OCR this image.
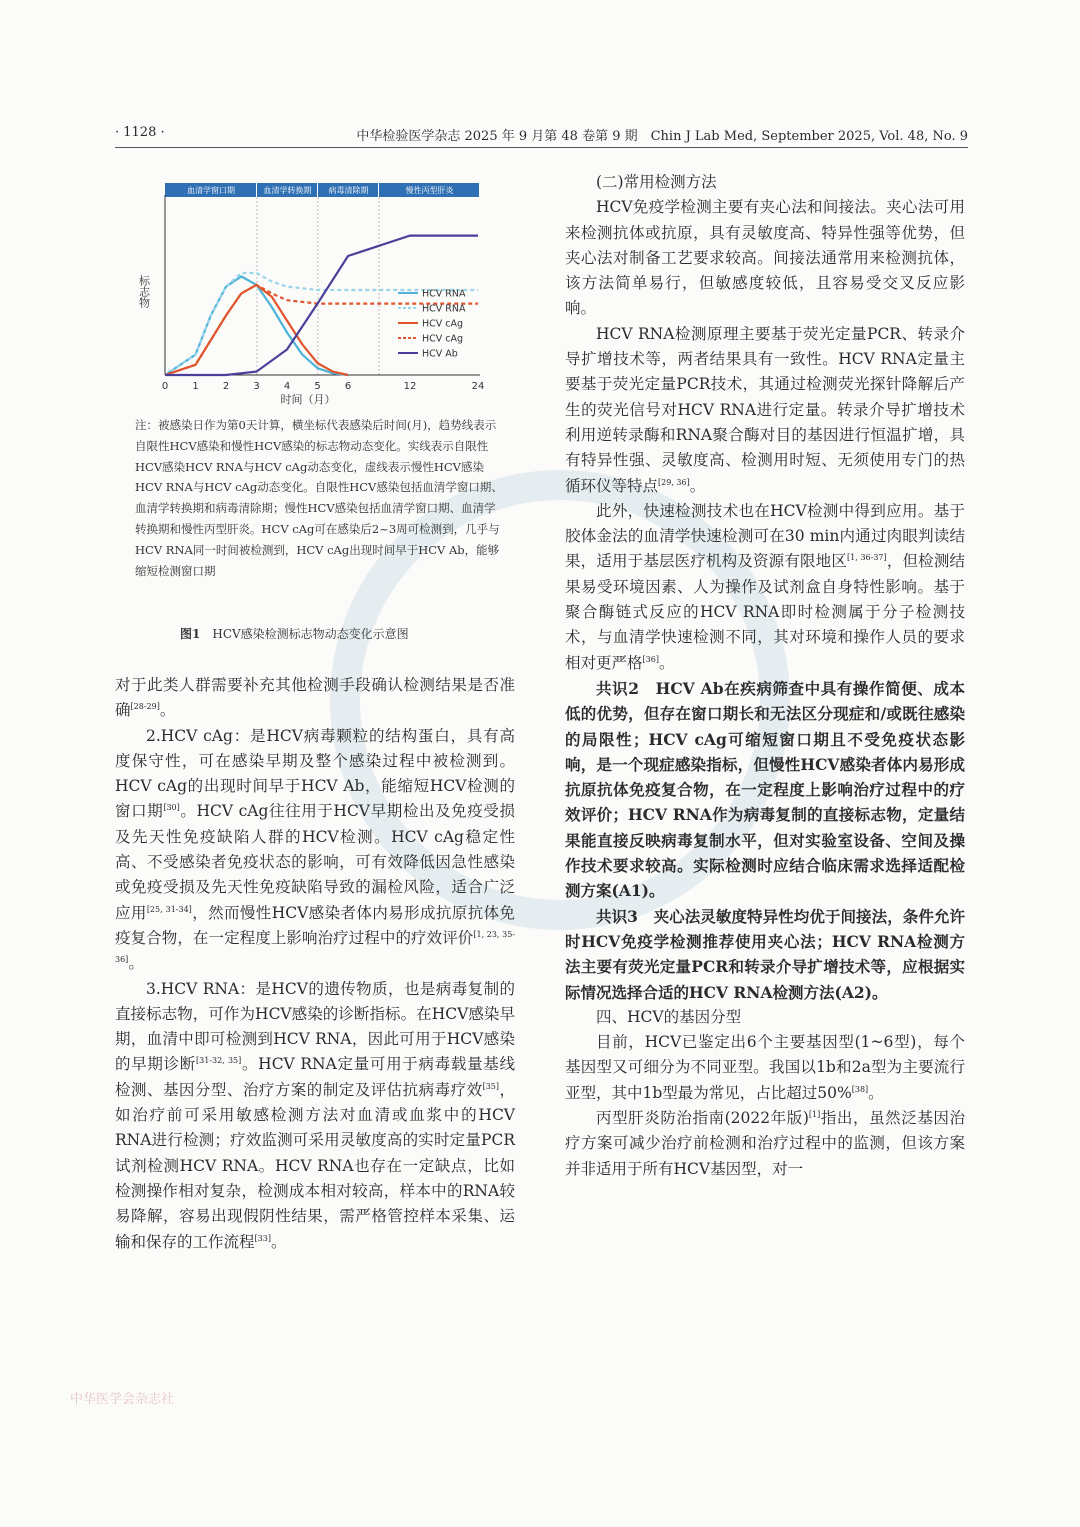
· 1128 ·	中华检验医学杂志 2025 年 9 月第 48 卷第 9 期　Chin J Lab Med, September 2025, Vol. 48, No. 9
血清学窗口期	血清学转换期 病毒清除期	慢性丙型肝炎
标志物
0 1 2 3 4 5 6	12	24
HCV RNA
HCV RNA
HCV cAg
HCV cAg
HCV Ab
时间（月）
注：被感染日作为第0天计算，横坐标代表感染后时间(月)，趋势线表示自限性HCV感染和慢性HCV感染的标志物动态变化。实线表示自限性HCV感染HCV RNA与HCV cAg动态变化，虚线表示慢性HCV感染HCV RNA与HCV cAg动态变化。自限性HCV感染包括血清学窗口期、血清学转换期和病毒清除期；慢性HCV感染包括血清学窗口期、血清学转换期和慢性丙型肝炎。HCV cAg可在感染后2~3周可检测到，几乎与HCV RNA同一时间被检测到，HCV cAg出现时间早于HCV Ab，能够缩短检测窗口期
图1 HCV感染检测标志物动态变化示意图

对于此类人群需要补充其他检测手段确认检测结果是否准确[28-29]。

2.HCV cAg：是HCV病毒颗粒的结构蛋白，具有高度保守性，可在感染早期及整个感染过程中被检测到。HCV cAg的出现时间早于HCV Ab，能缩短HCV检测的窗口期[30]。HCV cAg往往用于HCV早期检出及免疫受损及先天性免疫缺陷人群的HCV检测。HCV cAg稳定性高、不受感染者免疫状态的影响，可有效降低因急性感染或免疫受损及先天性免疫缺陷导致的漏检风险，适合广泛应用[25, 31-34]，然而慢性HCV感染者体内易形成抗原抗体免疫复合物，在一定程度上影响治疗过程中的疗效评价[1, 23, 35-36]。

3.HCV RNA：是HCV的遗传物质，也是病毒复制的直接标志物，可作为HCV感染的诊断指标。在HCV感染早期，血清中即可检测到HCV RNA，因此可用于HCV感染的早期诊断[31-32, 35]。HCV RNA定量可用于病毒载量基线检测、基因分型、治疗方案的制定及评估抗病毒疗效[35]，如治疗前可采用敏感检测方法对血清或血浆中的HCV RNA进行检测；疗效监测可采用灵敏度高的实时定量PCR试剂检测HCV RNA。HCV RNA也存在一定缺点，比如检测操作相对复杂，检测成本相对较高，样本中的RNA较易降解，容易出现假阴性结果，需严格管控样本采集、运输和保存的工作流程[33]。

(二)常用检测方法

HCV免疫学检测主要有夹心法和间接法。夹心法可用来检测抗体或抗原，具有灵敏度高、特异性强等优势，但夹心法对制备工艺要求较高。间接法通常用来检测抗体，该方法简单易行，但敏感度较低，且容易受交叉反应影响。

HCV RNA检测原理主要基于荧光定量PCR、转录介导扩增技术等，两者结果具有一致性。HCV RNA定量主要基于荧光定量PCR技术，其通过检测荧光探针降解后产生的荧光信号对HCV RNA进行定量。转录介导扩增技术利用逆转录酶和RNA聚合酶对目的基因进行恒温扩增，具有特异性强、灵敏度高、检测用时短、无须使用专门的热循环仪等特点[29, 36]。

此外，快速检测技术也在HCV检测中得到应用。基于胶体金法的血清学快速检测可在30 min内通过肉眼判读结果，适用于基层医疗机构及资源有限地区[1, 36-37]，但检测结果易受环境因素、人为操作及试剂盒自身特性影响。基于聚合酶链式反应的HCV RNA即时检测属于分子检测技术，与血清学快速检测不同，其对环境和操作人员的要求相对更严格[36]。

共识2　HCV Ab在疾病筛查中具有操作简便、成本低的优势，但存在窗口期长和无法区分现症和/或既往感染的局限性；HCV cAg可缩短窗口期且不受免疫状态影响，是一个现症感染指标，但慢性HCV感染者体内易形成抗原抗体免疫复合物，在一定程度上影响治疗过程中的疗效评价；HCV RNA作为病毒复制的直接标志物，定量结果能直接反映病毒复制水平，但对实验室设备、空间及操作技术要求较高。实际检测时应结合临床需求选择适配检测方案(A1)。

共识3　夹心法灵敏度特异性均优于间接法，条件允许时HCV免疫学检测推荐使用夹心法；HCV RNA检测方法主要有荧光定量PCR和转录介导扩增技术等，应根据实际情况选择合适的HCV RNA检测方法(A2)。

四、HCV的基因分型

目前，HCV已鉴定出6个主要基因型(1~6型)，每个基因型又可细分为不同亚型。我国以1b和2a型为主要流行亚型，其中1b型最为常见，占比超过50%[38]。

丙型肝炎防治指南(2022年版)[1]指出，虽然泛基因治疗方案可减少治疗前检测和治疗过程中的监测，但该方案并非适用于所有HCV基因型，对一

中华医学会杂志社
